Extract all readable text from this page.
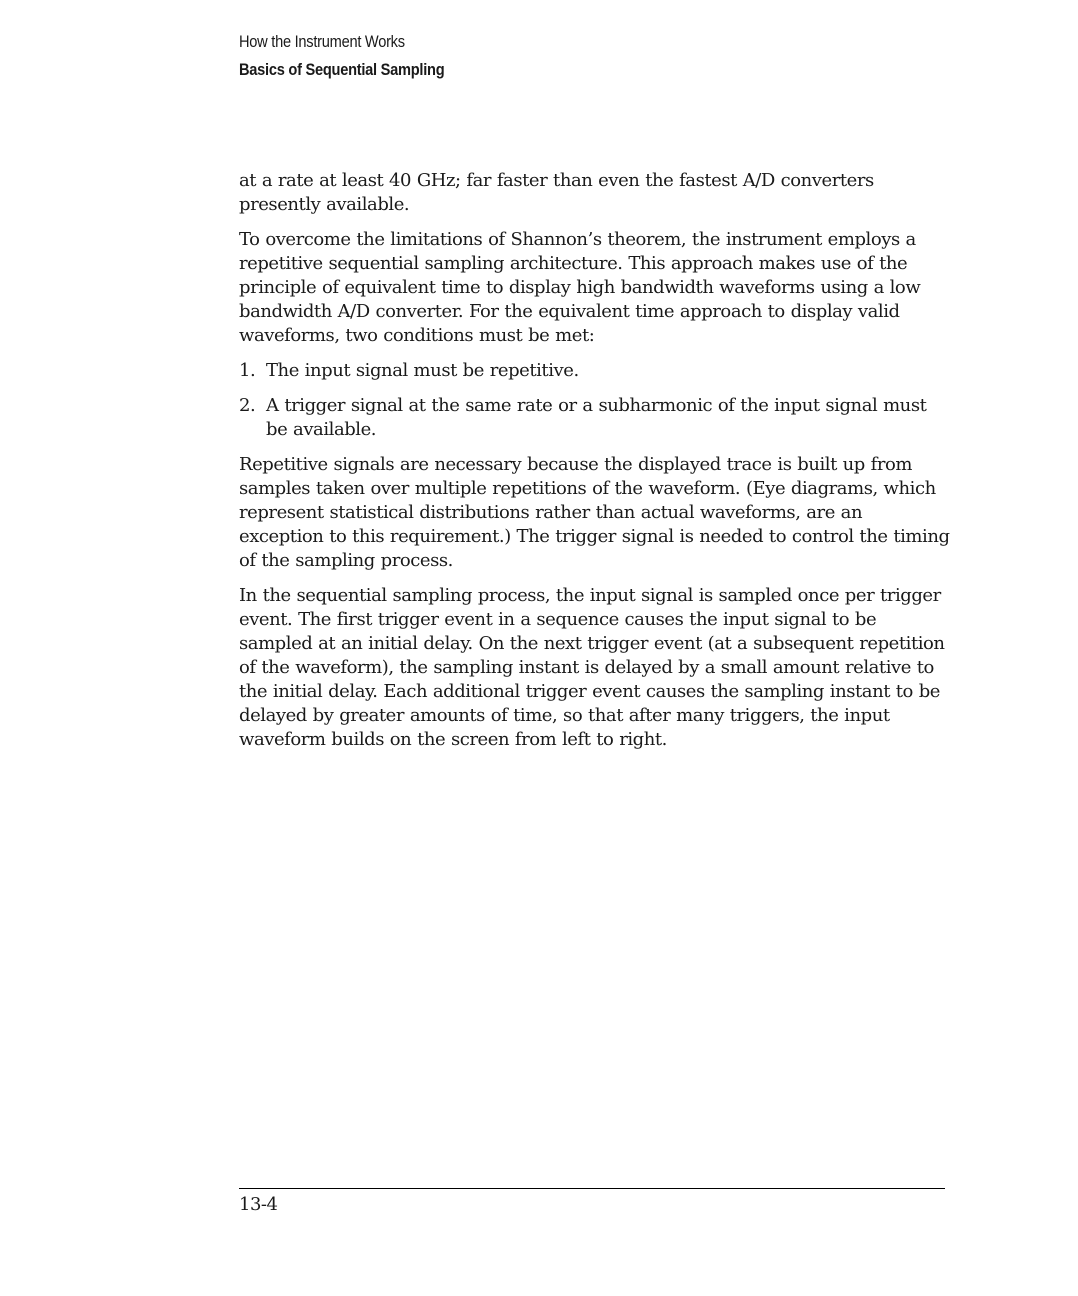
How the Instrument Works
Basics of Sequential Sampling

at a rate at least 40 GHz; far faster than even the fastest A/D converters presently available.

To overcome the limitations of Shannon’s theorem, the instrument employs a repetitive sequential sampling architecture. This approach makes use of the principle of equivalent time to display high bandwidth waveforms using a low bandwidth A/D converter. For the equivalent time approach to display valid waveforms, two conditions must be met:

1. The input signal must be repetitive.
2. A trigger signal at the same rate or a subharmonic of the input signal must be available.

Repetitive signals are necessary because the displayed trace is built up from samples taken over multiple repetitions of the waveform. (Eye diagrams, which represent statistical distributions rather than actual waveforms, are an exception to this requirement.) The trigger signal is needed to control the timing of the sampling process.

In the sequential sampling process, the input signal is sampled once per trigger event. The first trigger event in a sequence causes the input signal to be sampled at an initial delay. On the next trigger event (at a subsequent repetition of the waveform), the sampling instant is delayed by a small amount relative to the initial delay. Each additional trigger event causes the sampling instant to be delayed by greater amounts of time, so that after many triggers, the input waveform builds on the screen from left to right.

13-4
